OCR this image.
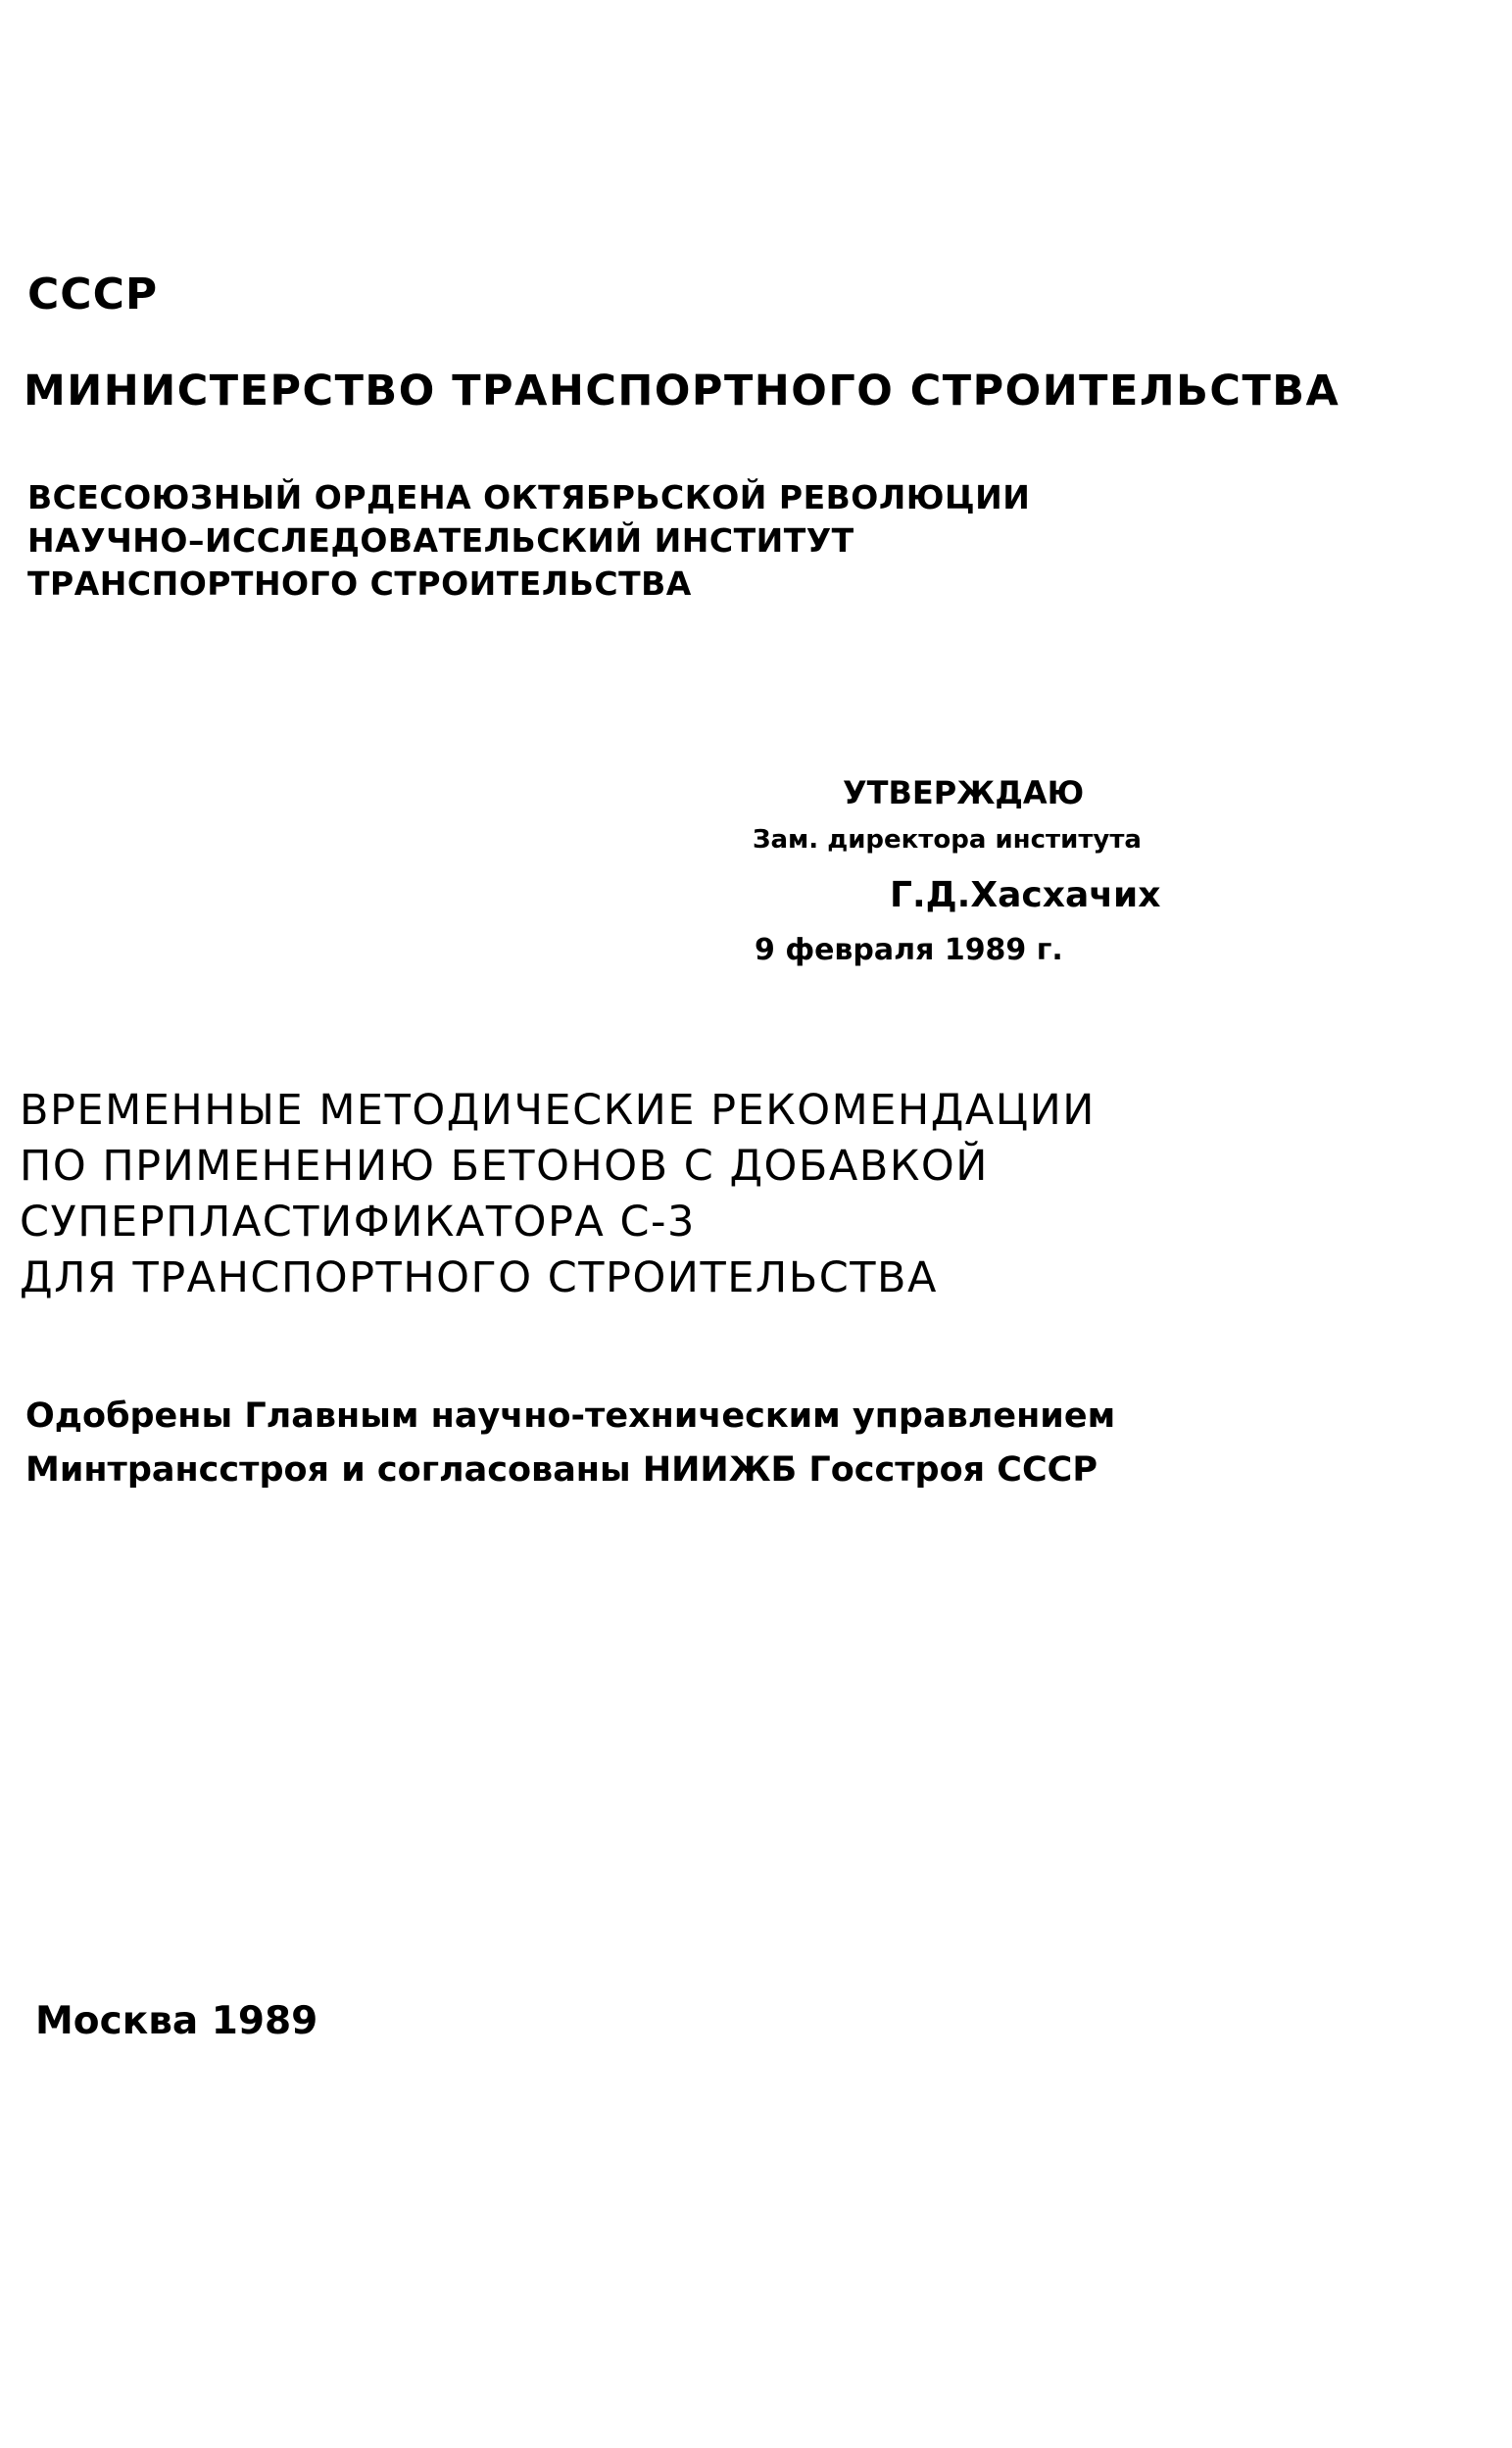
СССР
МИНИСТЕРСТВО ТРАНСПОРТНОГО СТРОИТЕЛЬСТВА
ВСЕСОЮЗНЫЙ ОРДЕНА ОКТЯБРЬСКОЙ РЕВОЛЮЦИИ
НАУЧНО–ИССЛЕДОВАТЕЛЬСКИЙ ИНСТИТУТ
ТРАНСПОРТНОГО СТРОИТЕЛЬСТВА
УТВЕРЖДАЮ
Зам. директора института
Г.Д.Хасхачих
9 февраля 1989 г.
ВРЕМЕННЫЕ МЕТОДИЧЕСКИЕ РЕКОМЕНДАЦИИ
ПО ПРИМЕНЕНИЮ БЕТОНОВ С ДОБАВКОЙ
СУПЕРПЛАСТИФИКАТОРА С-3
ДЛЯ ТРАНСПОРТНОГО СТРОИТЕЛЬСТВА
Одобрены Главным научно-техническим управлением
Минтрансстроя и согласованы НИИЖБ Госстроя СССР
Москва 1989
